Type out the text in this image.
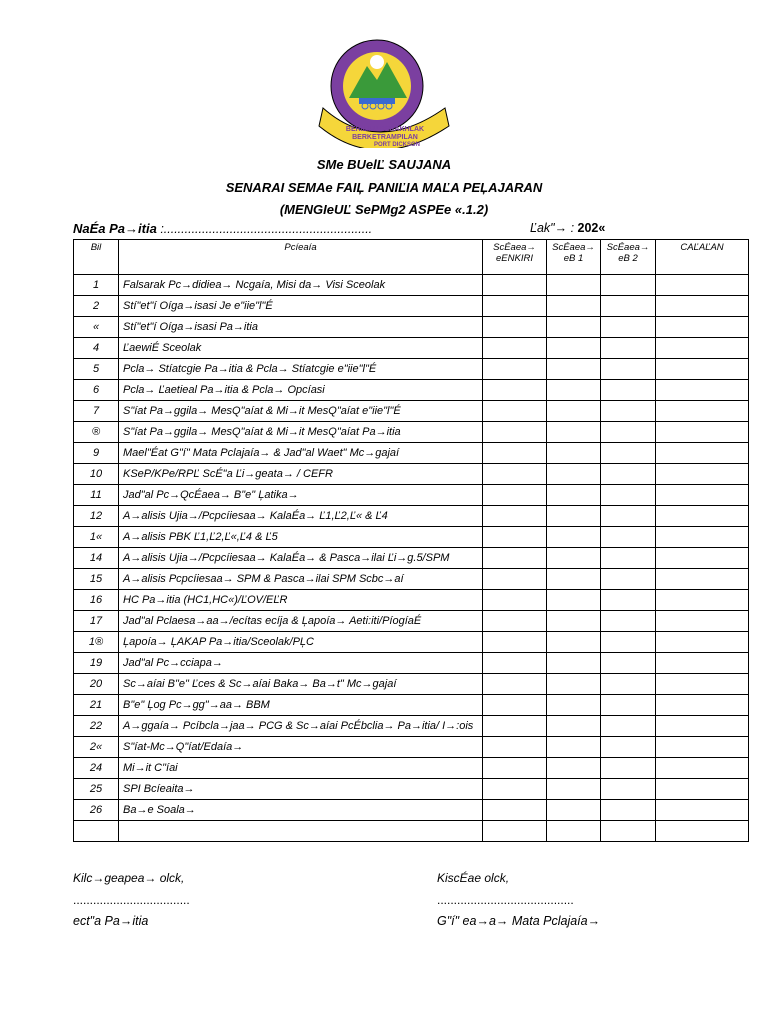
BERILMU BERAKHLAK
BERKETRAMPILAN
PORT DICKSON
SMe BUelĽ SAUJANA
SENARAI SEMAe FAIĻ PANIĽIA MAĽA PEĻAJARAN
(MENGIeUĽ SePMg2 ASPEe «.1.2)
NaÉa Pa→itia :............................................................	Ľak"→ : 202«
Bil	Pcíeaía	ScÉaea→ eENKIRI	ScÉaea→ eB 1	ScÉaea→ eB 2	CAĽAĽAN
1	Falsarak Pc→didiea→ Ncgaía, Misi da→ Visi Sceolak				
2	Stí"et"í Oíga→isasi Je e"iie"l"É				
«	Stí"et"í Oíga→isasi Pa→itia				
4	ĽaewiÉ Sceolak				
5	Pcla→ Stíatcgie Pa→itia & Pcla→ Stíatcgie e"iie"l"É				
6	Pcla→ Ľaetieal Pa→itia & Pcla→ Opcíasi				
7	S"íat Pa→ggila→ MesQ"aíat & Mi→it MesQ"aíat e"iie"l"É				
®	S"íat Pa→ggila→ MesQ"aíat & Mi→it MesQ"aíat Pa→itia				
9	Mael"Éat G"í" Mata Pclajaía→ & Jad"al Waet" Mc→gajaí				
10	KSeP/KPe/RPĽ ScÉ"a Ľi→geata→ / CEFR				
11	Jad"al Pc→QcÉaea→ B"e" Ļatika→				
12	A→alisis Ujia→/Pcpcíiesaa→ KalaÉa→ Ľ1,Ľ2,Ľ« & Ľ4				
1«	A→alisis PBK Ľ1,Ľ2,Ľ«,Ľ4 & Ľ5				
14	A→alisis Ujia→/Pcpcíiesaa→ KalaÉa→ & Pasca→ilai Ľi→g.5/SPM				
15	A→alisis Pcpcíiesaa→ SPM & Pasca→ilai SPM Scbc→aí				
16	HC Pa→itia (HC1,HC«)/ĽOV/EĽR				
17	Jad"al Pclaesa→aa→/ecítas ecíja & Ļapoía→ Aeti:iti/PíogíaÉ				
1®	Ļapoía→ ĻAKAP Pa→itia/Sceolak/PĻC				
19	Jad"al Pc→cciapa→				
20	Sc→aíai B"e" Ľces & Sc→aíai Baka→ Ba→t" Mc→gajaí				
21	B"e" Ļog Pc→gg"→aa→ BBM				
22	A→ggaía→ Pcíbcla→jaa→ PCG & Sc→aíai PcÉbclia→ Pa→itia/ I→:ois				
2«	S"íat-Mc→Q"íat/Edaía→				
24	Mi→it C"íai				
25	SPI Bcíeaita→				
26	Ba→e Soala→				

Kilc→geapea→ olck,
...................................
ect"a Pa→itia
KisсÉae olck,
.........................................
G"í" ea→a→ Mata Pclajaía→
